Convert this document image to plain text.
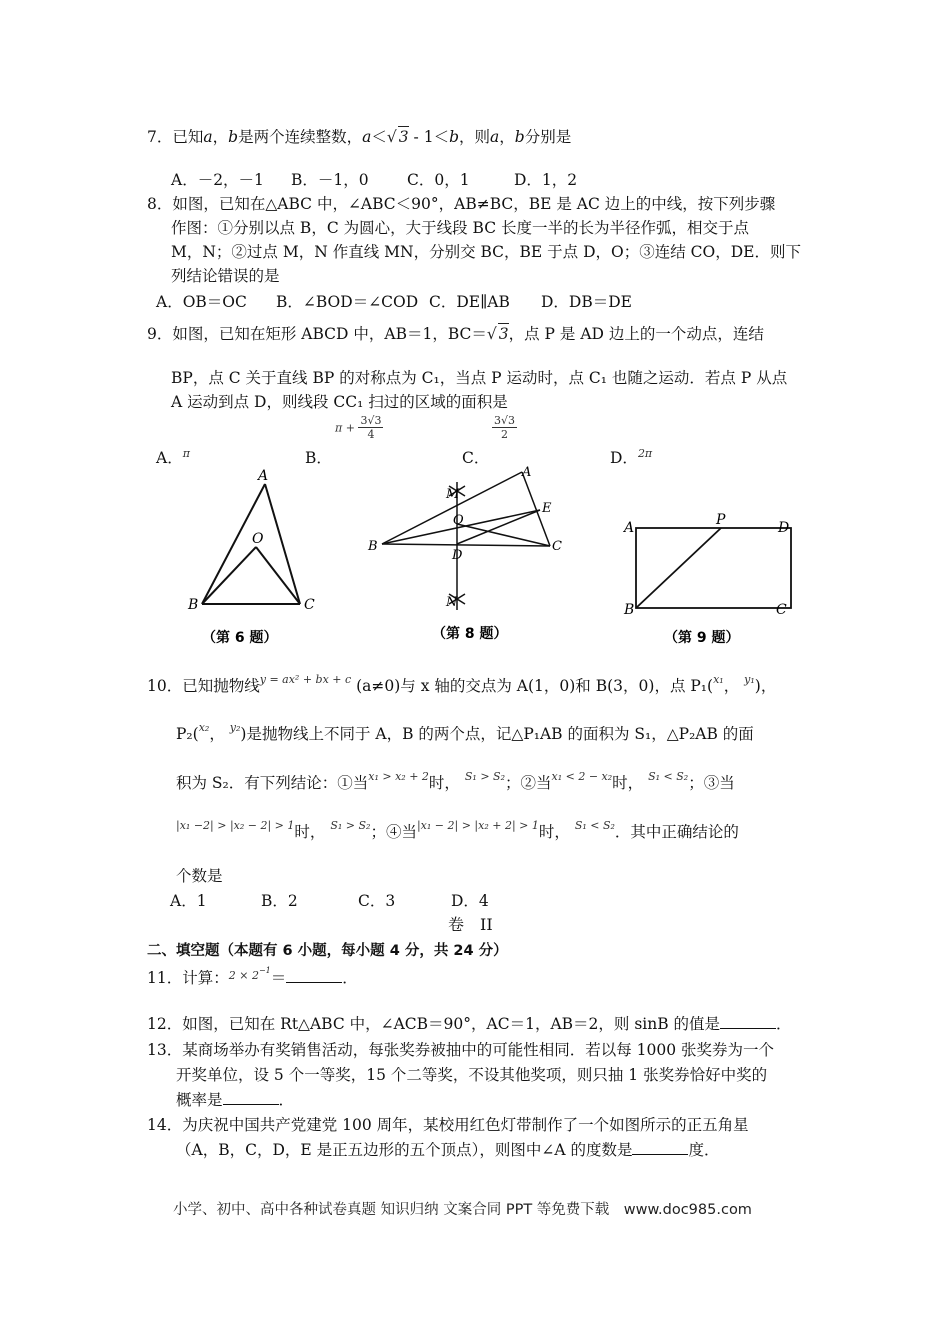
7．已知a，b是两个连续整数，a＜√ 3 - 1＜b，则a，b分别是
A．－2，－1 B．－1，0 C．0，1	D．1，2
8．如图，已知在△ABC 中，∠ABC＜90°，AB≠BC，BE 是 AC 边上的中线，按下列步骤
作图：①分别以点 B，C 为圆心，大于线段 BC 长度一半的长为半径作弧，相交于点
M，N；②过点 M，N 作直线 MN，分别交 BC，BE 于点 D，O；③连结 CO，DE．则下
列结论错误的是
A．OB＝OC B．∠BOD＝∠COD C．DE∥AB D．DB＝DE
9．如图，已知在矩形 ABCD 中，AB＝1，BC＝√ 3，点 P 是 AD 边上的一个动点，连结
BP，点 C 关于直线 BP 的对称点为 C₁，当点 P 运动时，点 C₁ 也随之运动．若点 P 从点
A 运动到点 D，则线段 CC₁ 扫过的区域的面积是
A．$^\pi$	B．
$\pi + \frac{3√3}{4}$
C．
$\frac{3√3}{2}$
D．$^{2\pi}$
A
O
B	C
（第 6 题）
M
A
O
E
B
D
C
N
（第 8 题）
A	P	D
B	C
（第 9 题）
10．已知抛物线$^{y = ax^2 + bx + c}$ (a≠0)与 x 轴的交点为 A(1，0)和 B(3，0)，点 P₁($^{x_1}$， $^{y_1}$)，
P₂($^{x_2}$， $^{y_2}$)是抛物线上不同于 A，B 的两个点，记△P₁AB 的面积为 S₁，△P₂AB 的面
积为 S₂．有下列结论：①当$^{x_1 > x_2 + 2}$时， $^{S_1 > S_2}$；②当$^{x_1 < 2 - x_2}$时， $^{S_1 < S_2}$；③当
$^{|x_1 -2| > |x_2 - 2| > 1}$时， $^{S_1 > S_2}$；④当$^{|x_1 - 2| > |x_2 + 2| > 1}$时， $^{S_1 < S_2}$．其中正确结论的
个数是
A．1	B．2	C．3	D．4
卷　II
二、填空题（本题有 6 小题，每小题 4 分，共 24 分）
11．计算：$^{2 \times 2-1}$＝	．
12．如图，已知在 Rt△ABC 中，∠ACB＝90°，AC＝1，AB＝2，则 sinB 的值是	．
13．某商场举办有奖销售活动，每张奖券被抽中的可能性相同．若以每 1000 张奖券为一个
开奖单位，设 5 个一等奖，15 个二等奖，不设其他奖项，则只抽 1 张奖券恰好中奖的
概率是	．
14．为庆祝中国共产党建党 100 周年，某校用红色灯带制作了一个如图所示的正五角星
（A，B，C，D，E 是正五边形的五个顶点），则图中∠A 的度数是	度．
小学、初中、高中各种试卷真题 知识归纳 文案合同 PPT 等免费下载　www.doc985.com
